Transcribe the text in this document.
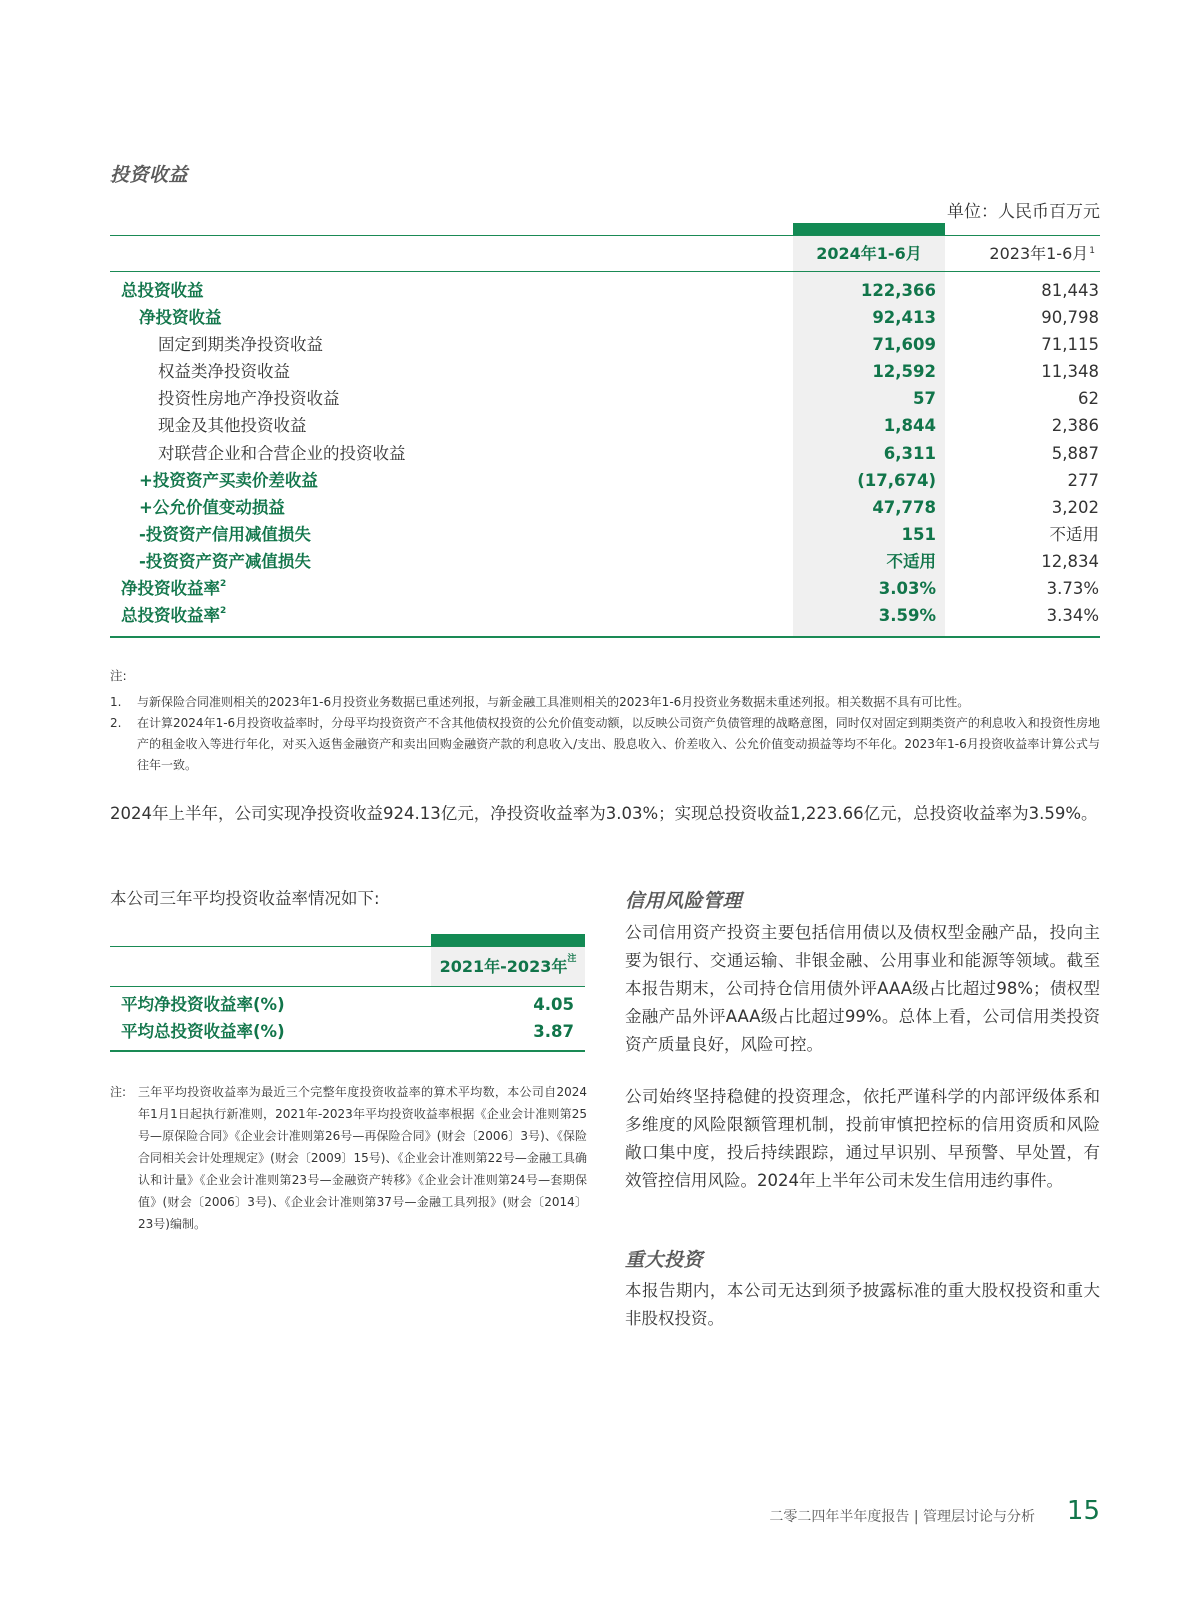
投资收益
单位：人民币百万元
2024年1-6月	2023年1-6月$^1$
总投资收益	122,366	81,443
净投资收益	92,413	90,798
固定到期类净投资收益	71,609	71,115
权益类净投资收益	12,592	11,348
投资性房地产净投资收益	57	62
现金及其他投资收益	1,844	2,386
对联营企业和合营企业的投资收益	6,311	5,887
+投资资产买卖价差收益	(17,674)	277
+公允价值变动损益	47,778	3,202
-投资资产信用减值损失	151	不适用
-投资资产资产减值损失	不适用	12,834
净投资收益率$^2$	3.03%	3.73%
总投资收益率$^2$	3.59%	3.34%
注:
1. 与新保险合同准则相关的2023年1-6月投资业务数据已重述列报，与新金融工具准则相关的2023年1-6月投资业务数据未重述列报。相关数据不具有可比性。
2. 在计算2024年1-6月投资收益率时，分母平均投资资产不含其他债权投资的公允价值变动额，以反映公司资产负债管理的战略意图，同时仅对固定到期类资产的利息收入和投资性房地产的租金收入等进行年化，对买入返售金融资产和卖出回购金融资产款的利息收入/支出、股息收入、价差收入、公允价值变动损益等均不年化。2023年1-6月投资收益率计算公式与往年一致。
2024年上半年，公司实现净投资收益924.13亿元，净投资收益率为3.03%；实现总投资收益1,223.66亿元，总投资收益率为3.59%。
本公司三年平均投资收益率情况如下:
2021年-2023年$^注$
平均净投资收益率(%)	4.05
平均总投资收益率(%)	3.87
注: 三年平均投资收益率为最近三个完整年度投资收益率的算术平均数，本公司自2024年1月1日起执行新准则，2021年-2023年平均投资收益率根据《企业会计准则第25号—原保险合同》《企业会计准则第26号—再保险合同》(财会〔2006〕3号)、《保险合同相关会计处理规定》(财会〔2009〕15号)、《企业会计准则第22号—金融工具确认和计量》《企业会计准则第23号—金融资产转移》《企业会计准则第24号—套期保值》(财会〔2006〕3号)、《企业会计准则第37号—金融工具列报》(财会〔2014〕23号)编制。
信用风险管理
公司信用资产投资主要包括信用债以及债权型金融产品，投向主要为银行、交通运输、非银金融、公用事业和能源等领域。截至本报告期末，公司持仓信用债外评AAA级占比超过98%；债权型金融产品外评AAA级占比超过99%。总体上看，公司信用类投资资产质量良好，风险可控。
公司始终坚持稳健的投资理念，依托严谨科学的内部评级体系和多维度的风险限额管理机制，投前审慎把控标的信用资质和风险敞口集中度，投后持续跟踪，通过早识别、早预警、早处置，有效管控信用风险。2024年上半年公司未发生信用违约事件。
重大投资
本报告期内，本公司无达到须予披露标准的重大股权投资和重大非股权投资。
二零二四年半年度报告 | 管理层讨论与分析 15
